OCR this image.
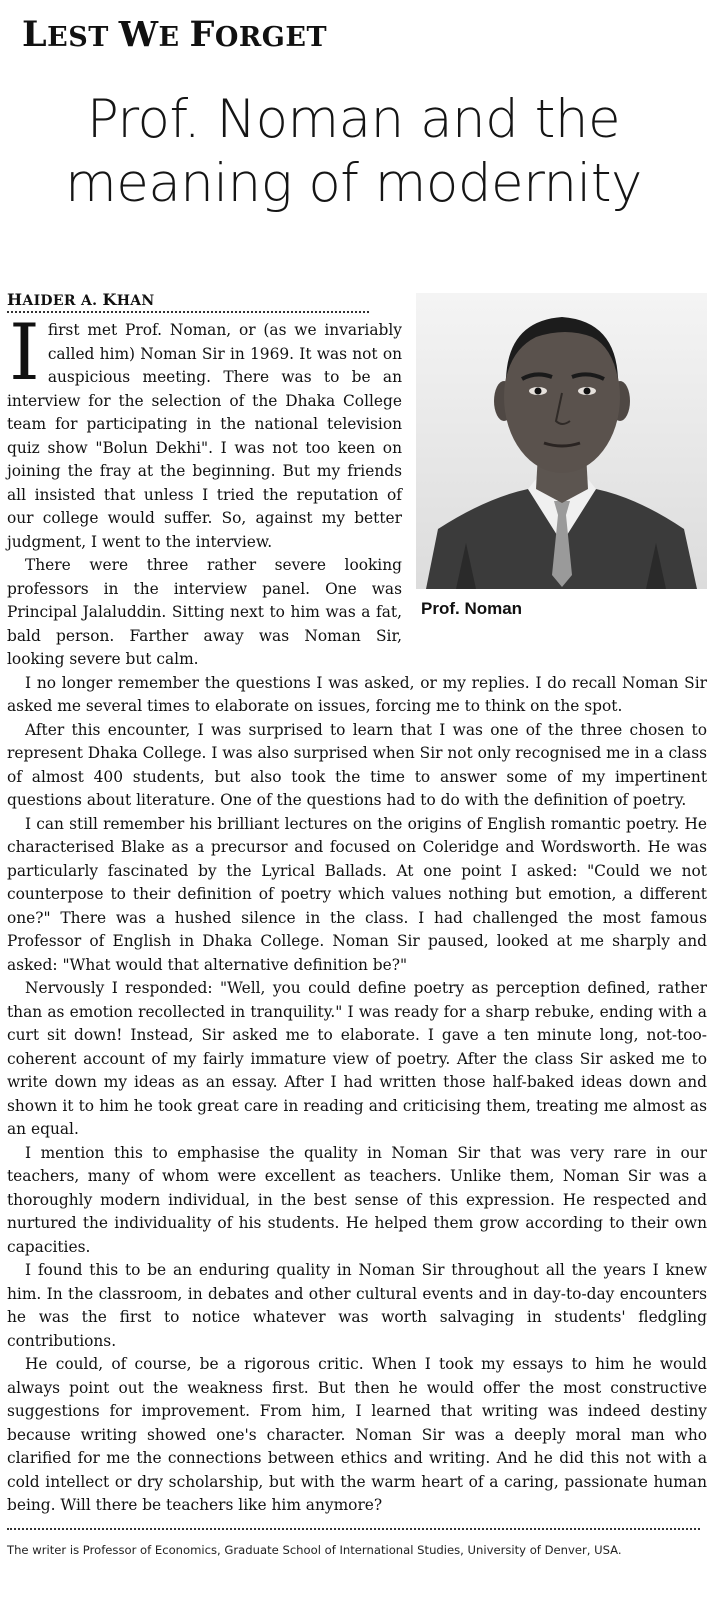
LEST WE FORGET
Prof. Noman and the meaning of modernity
Prof. Noman
HAIDER A. KHAN

I first met Prof. Noman, or (as we invariably called him) Noman Sir in 1969. It was not on auspicious meeting. There was to be an interview for the selection of the Dhaka College team for participating in the national television quiz show "Bolun Dekhi". I was not too keen on joining the fray at the beginning. But my friends all insisted that unless I tried the reputation of our college would suffer. So, against my better judgment, I went to the interview.

There were three rather severe looking professors in the interview panel. One was Principal Jalaluddin. Sitting next to him was a fat, bald person. Farther away was Noman Sir, looking severe but calm.

I no longer remember the questions I was asked, or my replies. I do recall Noman Sir asked me several times to elaborate on issues, forcing me to think on the spot.

After this encounter, I was surprised to learn that I was one of the three chosen to represent Dhaka College. I was also surprised when Sir not only recognised me in a class of almost 400 students, but also took the time to answer some of my impertinent questions about literature. One of the questions had to do with the definition of poetry.

I can still remember his brilliant lectures on the origins of English romantic poetry. He characterised Blake as a precursor and focused on Coleridge and Wordsworth. He was particularly fascinated by the Lyrical Ballads. At one point I asked: "Could we not counterpose to their definition of poetry which values nothing but emotion, a different one?" There was a hushed silence in the class. I had challenged the most famous Professor of English in Dhaka College. Noman Sir paused, looked at me sharply and asked: "What would that alternative definition be?"

Nervously I responded: "Well, you could define poetry as perception defined, rather than as emotion recollected in tranquility." I was ready for a sharp rebuke, ending with a curt sit down! Instead, Sir asked me to elaborate. I gave a ten minute long, not-too-coherent account of my fairly immature view of poetry. After the class Sir asked me to write down my ideas as an essay. After I had written those half-baked ideas down and shown it to him he took great care in reading and criticising them, treating me almost as an equal.

I mention this to emphasise the quality in Noman Sir that was very rare in our teachers, many of whom were excellent as teachers. Unlike them, Noman Sir was a thoroughly modern individual, in the best sense of this expression. He respected and nurtured the individuality of his students. He helped them grow according to their own capacities.

I found this to be an enduring quality in Noman Sir throughout all the years I knew him. In the classroom, in debates and other cultural events and in day-to-day encounters he was the first to notice whatever was worth salvaging in students' fledgling contributions.

He could, of course, be a rigorous critic. When I took my essays to him he would always point out the weakness first. But then he would offer the most constructive suggestions for improvement. From him, I learned that writing was indeed destiny because writing showed one's character. Noman Sir was a deeply moral man who clarified for me the connections between ethics and writing. And he did this not with a cold intellect or dry scholarship, but with the warm heart of a caring, passionate human being. Will there be teachers like him anymore?

The writer is Professor of Economics, Graduate School of International Studies, University of Denver, USA.
